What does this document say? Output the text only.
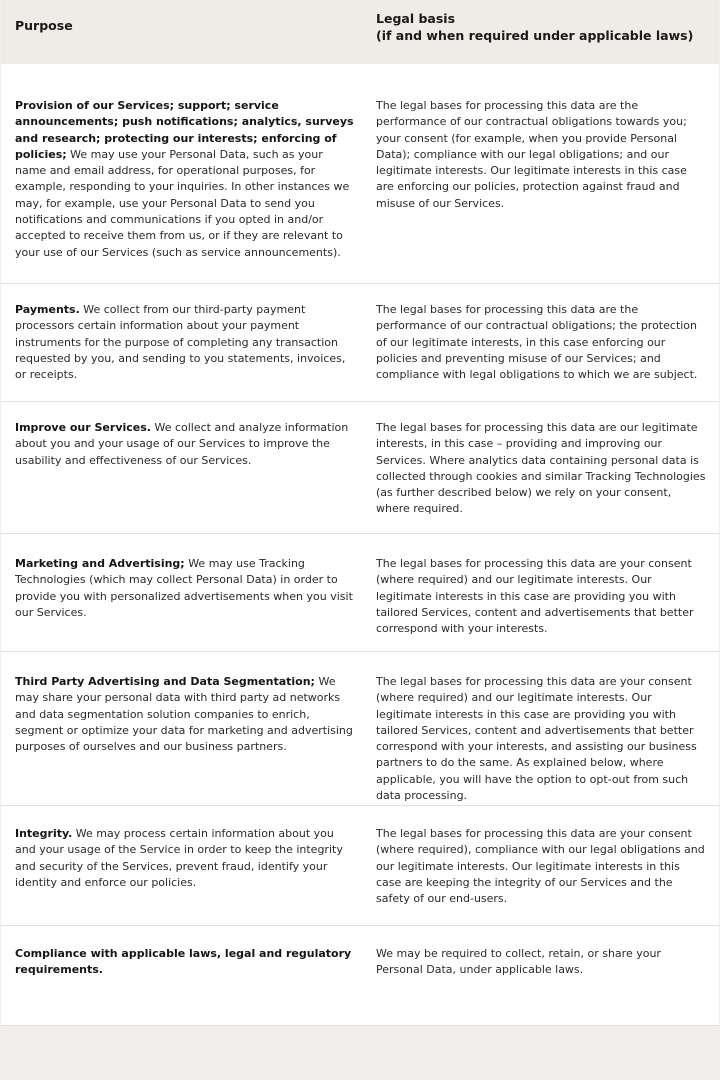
Purpose	Legal basis
(if and when required under applicable laws)
Provision of our Services; support; service announcements; push notifications; analytics, surveys and research; protecting our interests; enforcing of policies; We may use your Personal Data, such as your name and email address, for operational purposes, for example, responding to your inquiries. In other instances we may, for example, use your Personal Data to send you notifications and communications if you opted in and/or accepted to receive them from us, or if they are relevant to your use of our Services (such as service announcements).
The legal bases for processing this data are the performance of our contractual obligations towards you; your consent (for example, when you provide Personal Data); compliance with our legal obligations; and our legitimate interests. Our legitimate interests in this case are enforcing our policies, protection against fraud and misuse of our Services.
Payments. We collect from our third-party payment processors certain information about your payment instruments for the purpose of completing any transaction requested by you, and sending to you statements, invoices, or receipts.
The legal bases for processing this data are the performance of our contractual obligations; the protection of our legitimate interests, in this case enforcing our policies and preventing misuse of our Services; and compliance with legal obligations to which we are subject.
Improve our Services. We collect and analyze information about you and your usage of our Services to improve the usability and effectiveness of our Services.
The legal bases for processing this data are our legitimate interests, in this case – providing and improving our Services. Where analytics data containing personal data is collected through cookies and similar Tracking Technologies (as further described below) we rely on your consent, where required.
Marketing and Advertising; We may use Tracking Technologies (which may collect Personal Data) in order to provide you with personalized advertisements when you visit our Services.
The legal bases for processing this data are your consent (where required) and our legitimate interests. Our legitimate interests in this case are providing you with tailored Services, content and advertisements that better correspond with your interests.
Third Party Advertising and Data Segmentation; We may share your personal data with third party ad networks and data segmentation solution companies to enrich, segment or optimize your data for marketing and advertising purposes of ourselves and our business partners.
The legal bases for processing this data are your consent (where required) and our legitimate interests. Our legitimate interests in this case are providing you with tailored Services, content and advertisements that better correspond with your interests, and assisting our business partners to do the same. As explained below, where applicable, you will have the option to opt-out from such data processing.
Integrity. We may process certain information about you and your usage of the Service in order to keep the integrity and security of the Services, prevent fraud, identify your identity and enforce our policies.
The legal bases for processing this data are your consent (where required), compliance with our legal obligations and our legitimate interests. Our legitimate interests in this case are keeping the integrity of our Services and the safety of our end-users.
Compliance with applicable laws, legal and regulatory requirements.
We may be required to collect, retain, or share your Personal Data, under applicable laws.
